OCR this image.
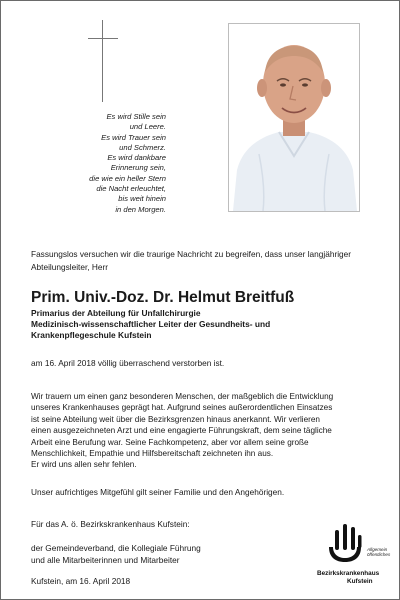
Es wird Stille sein
und Leere.
Es wird Trauer sein
und Schmerz.
Es wird dankbare
Erinnerung sein,
die wie ein heller Stern
die Nacht erleuchtet,
bis weit hinein
in den Morgen.
Fassungslos versuchen wir die traurige Nachricht zu begreifen, dass unser langjähriger Abteilungsleiter, Herr
Prim. Univ.-Doz. Dr. Helmut Breitfuß
Primarius der Abteilung für Unfallchirurgie
Medizinisch-wissenschaftlicher Leiter der Gesundheits- und
Krankenpflegeschule Kufstein
am 16. April 2018 völlig überraschend verstorben ist.
Wir trauern um einen ganz besonderen Menschen, der maßgeblich die Entwicklung
unseres Krankenhauses geprägt hat. Aufgrund seines außerordentlichen Einsatzes
ist seine Abteilung weit über die Bezirksgrenzen hinaus anerkannt. Wir verlieren
einen ausgezeichneten Arzt und eine engagierte Führungskraft, dem seine tägliche
Arbeit eine Berufung war. Seine Fachkompetenz, aber vor allem seine große
Menschlichkeit, Empathie und Hilfsbereitschaft zeichneten ihn aus.
Er wird uns allen sehr fehlen.
Unser aufrichtiges Mitgefühl gilt seiner Familie und den Angehörigen.
Für das A. ö. Bezirkskrankenhaus Kufstein:
der Gemeindeverband, die Kollegiale Führung
und alle Mitarbeiterinnen und Mitarbeiter
Kufstein, am 16. April 2018
Allgemein
öffentliches
Bezirkskrankenhaus
Kufstein
